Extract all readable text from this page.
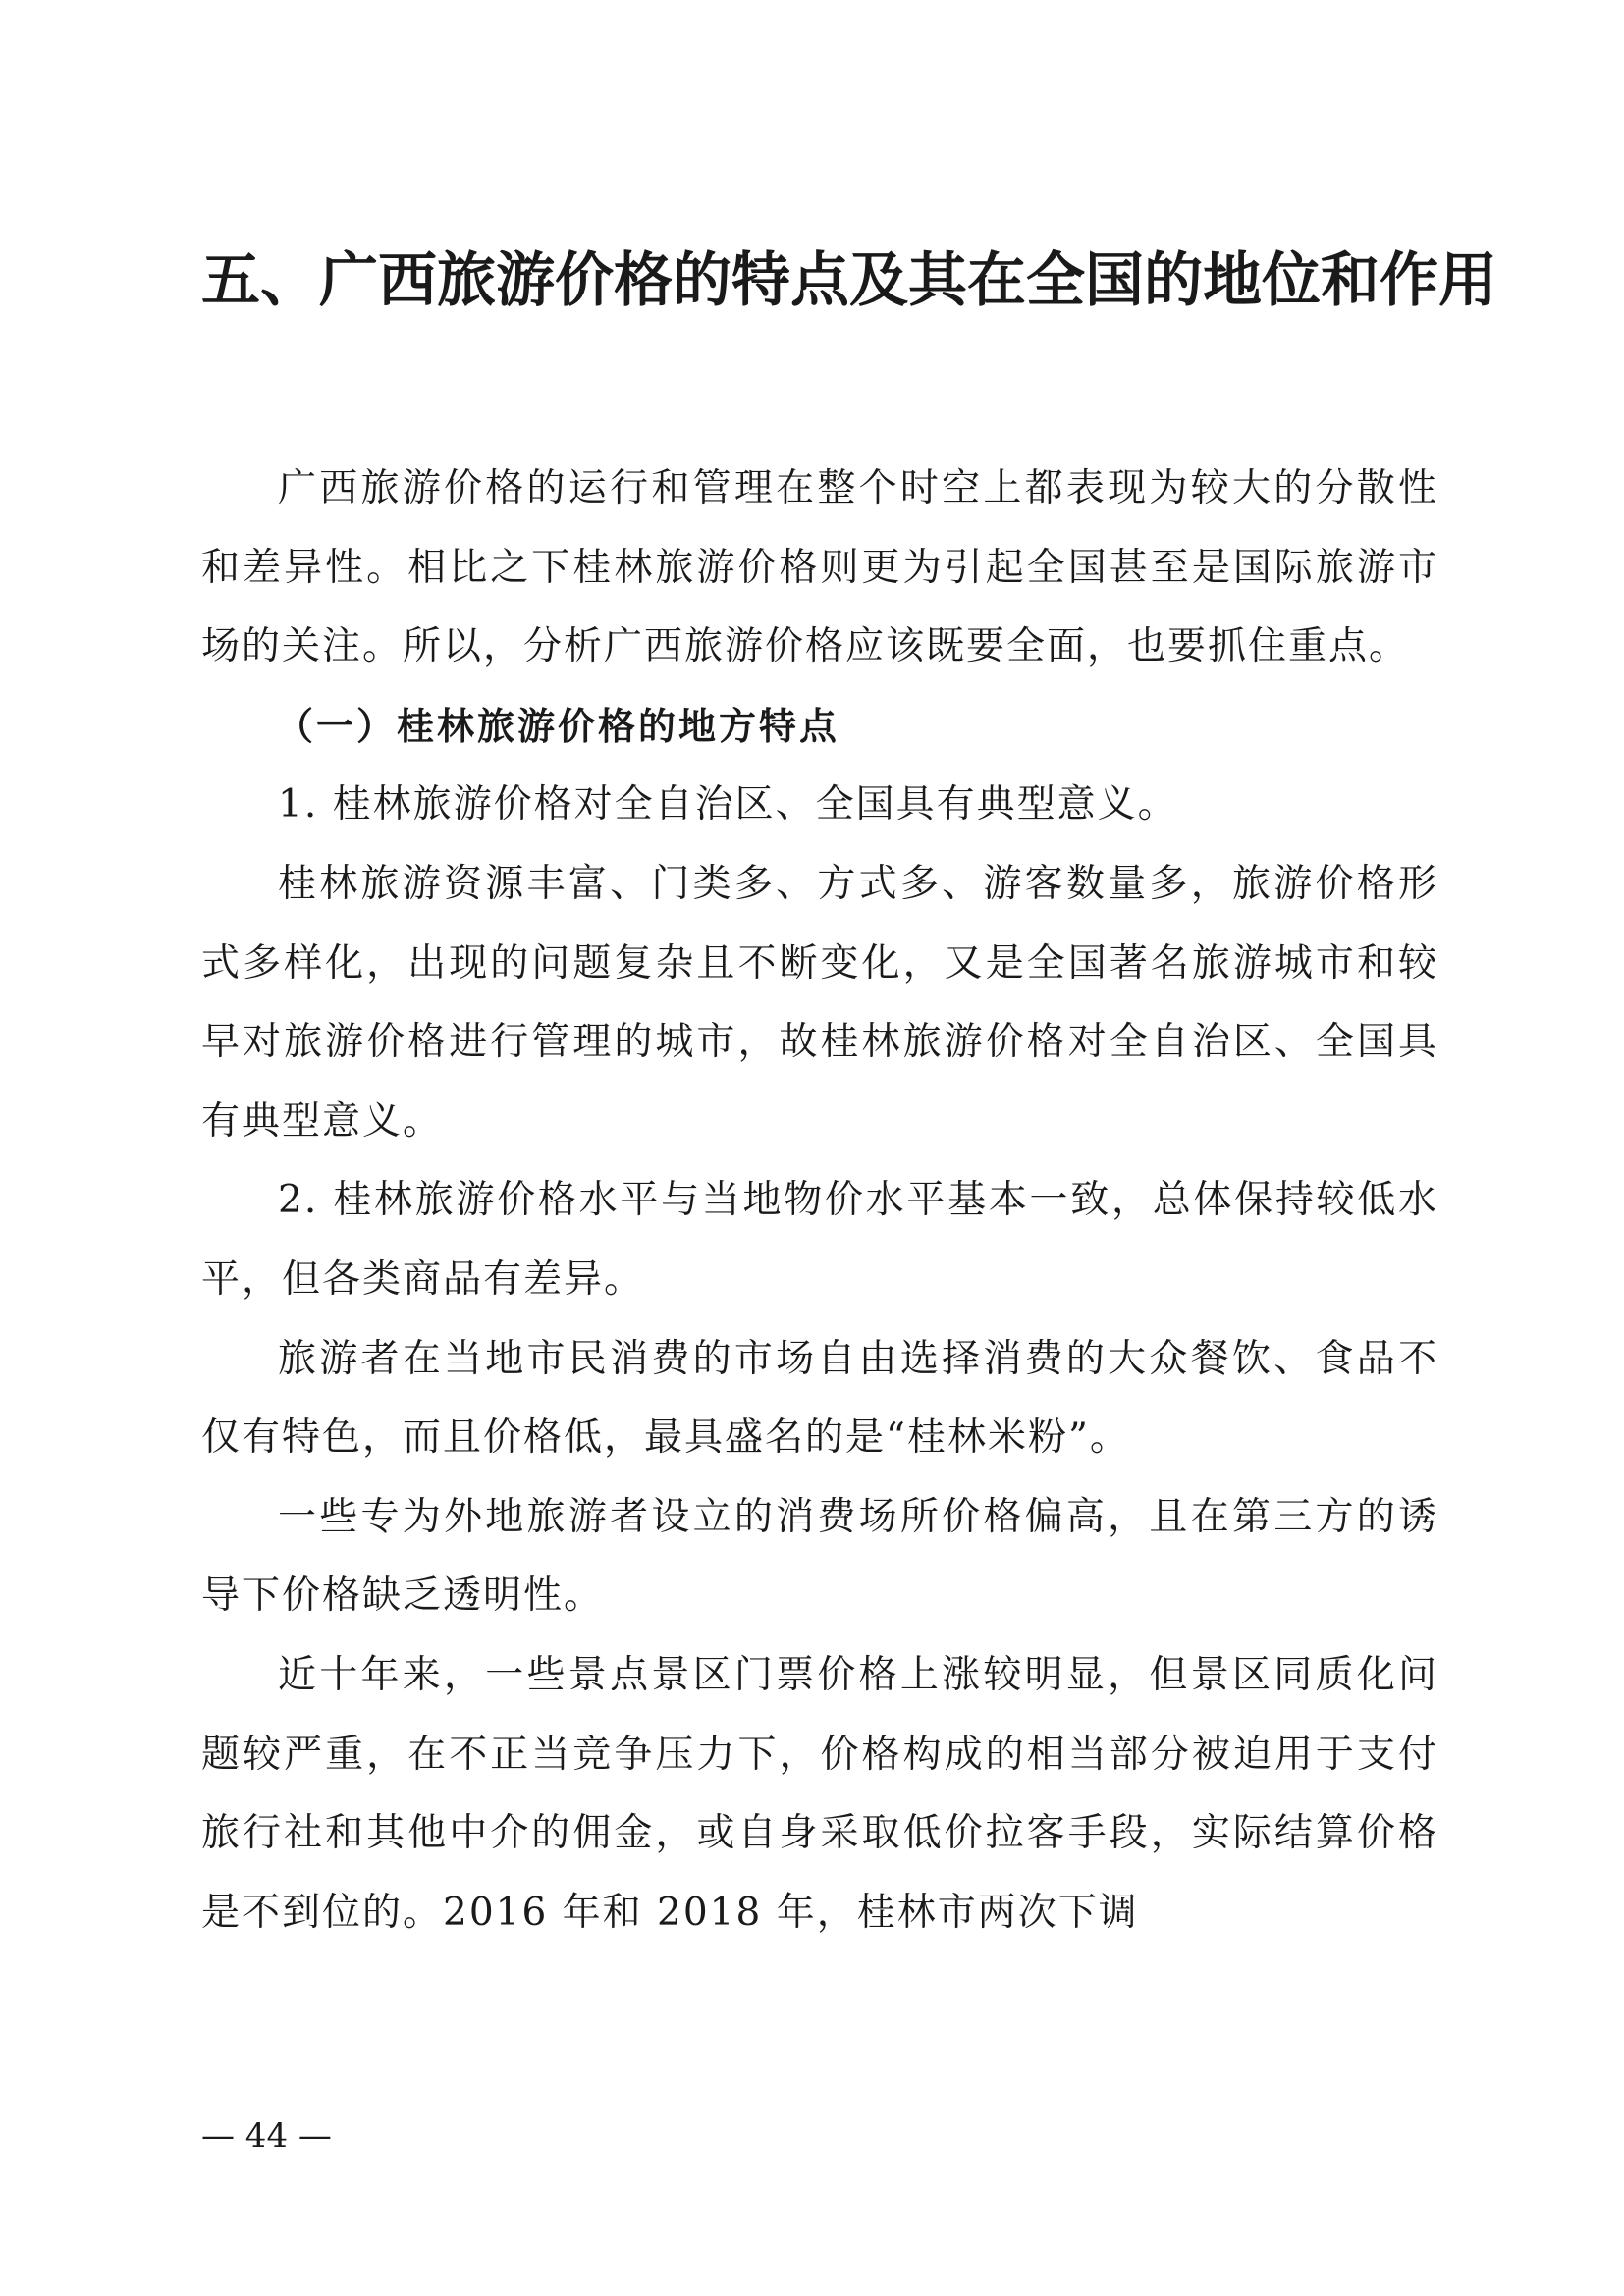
五、广西旅游价格的特点及其在全国的地位和作用

广西旅游价格的运行和管理在整个时空上都表现为较大的分散性和差异性。相比之下桂林旅游价格则更为引起全国甚至是国际旅游市场的关注。所以，分析广西旅游价格应该既要全面，也要抓住重点。

（一）桂林旅游价格的地方特点

1. 桂林旅游价格对全自治区、全国具有典型意义。

桂林旅游资源丰富、门类多、方式多、游客数量多，旅游价格形式多样化，出现的问题复杂且不断变化，又是全国著名旅游城市和较早对旅游价格进行管理的城市，故桂林旅游价格对全自治区、全国具有典型意义。

2. 桂林旅游价格水平与当地物价水平基本一致，总体保持较低水平，但各类商品有差异。

旅游者在当地市民消费的市场自由选择消费的大众餐饮、食品不仅有特色，而且价格低，最具盛名的是“桂林米粉”。

一些专为外地旅游者设立的消费场所价格偏高，且在第三方的诱导下价格缺乏透明性。

近十年来，一些景点景区门票价格上涨较明显，但景区同质化问题较严重，在不正当竞争压力下，价格构成的相当部分被迫用于支付旅行社和其他中介的佣金，或自身采取低价拉客手段，实际结算价格是不到位的。2016 年和 2018 年，桂林市两次下调

— 44 —
